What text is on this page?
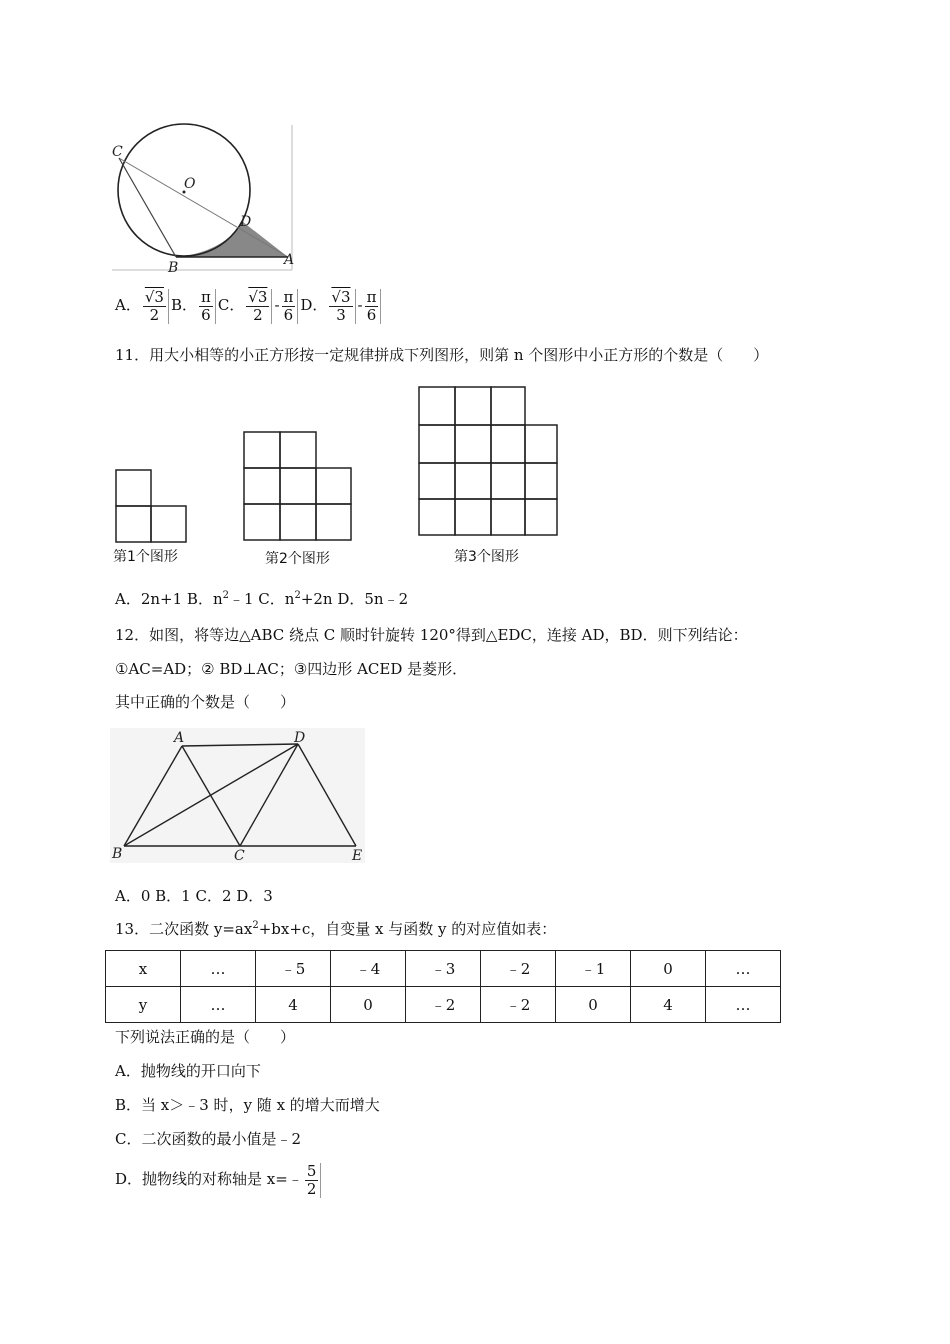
C
O
D
B	A
A． $\frac{√3}{2}$ B． $\frac{\pi}{6}$ C． $\frac{√3}{2} - \frac{\pi}{6}$ D． $\frac{√3}{3} - \frac{\pi}{6}$
11．用大小相等的小正方形按一定规律拼成下列图形，则第 n 个图形中小正方形的个数是（　　）
第1个图形	第2个图形	第3个图形
A．2n+1 B．$n^2﹣1$ C．$n^2+2n$ D．5n﹣2
12．如图，将等边△ABC 绕点 C 顺时针旋转 120°得到△EDC，连接 AD，BD．则下列结论：
①AC=AD；② BD⊥AC；③四边形 ACED 是菱形．
其中正确的个数是（　　）
A	D
B	C	E
A．0 B．1 C．2 D．3
13．二次函数 $y=ax^2+bx+c$，自变量 x 与函数 y 的对应值如表：
x	…	﹣5	﹣4	﹣3	﹣2	﹣1	0	…
y	…	4	0	﹣2	﹣2	0	4	…
下列说法正确的是（　　）
A．抛物线的开口向下
B．当 x＞﹣3 时，y 随 x 的增大而增大
C．二次函数的最小值是﹣2
D．抛物线的对称轴是 x=﹣ $\frac{5}{2}$
